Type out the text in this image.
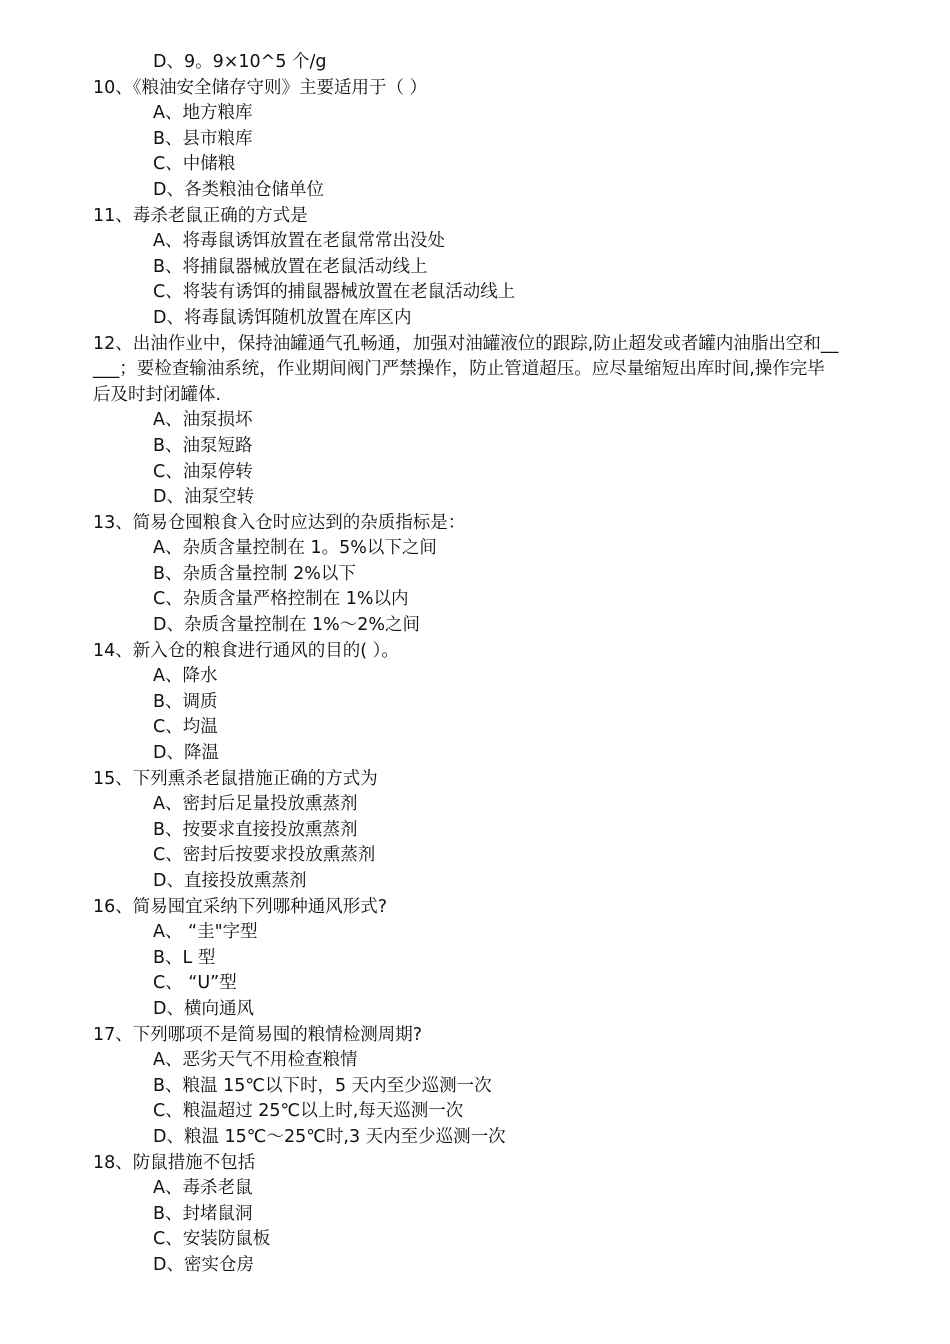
D、9。9×10^5 个/g
10、《粮油安全储存守则》主要适用于（ ）
A、地方粮库
B、县市粮库
C、中储粮
D、各类粮油仓储单位
11、毒杀老鼠正确的方式是
A、将毒鼠诱饵放置在老鼠常常出没处
B、将捕鼠器械放置在老鼠活动线上
C、将装有诱饵的捕鼠器械放置在老鼠活动线上
D、将毒鼠诱饵随机放置在库区内
12、出油作业中，保持油罐通气孔畅通，加强对油罐液位的跟踪,防止超发或者罐内油脂出空和__
___；要检查输油系统，作业期间阀门严禁操作，防止管道超压。应尽量缩短出库时间,操作完毕
后及时封闭罐体.
A、油泵损坏
B、油泵短路
C、油泵停转
D、油泵空转
13、简易仓囤粮食入仓时应达到的杂质指标是：
A、杂质含量控制在 1。5%以下之间
B、杂质含量控制 2%以下
C、杂质含量严格控制在 1%以内
D、杂质含量控制在 1%～2%之间
14、新入仓的粮食进行通风的目的( ）。
A、降水
B、调质
C、均温
D、降温
15、下列熏杀老鼠措施正确的方式为
A、密封后足量投放熏蒸剂
B、按要求直接投放熏蒸剂
C、密封后按要求投放熏蒸剂
D、直接投放熏蒸剂
16、简易囤宜采纳下列哪种通风形式?
A、 “圭"字型
B、L 型
C、 “U”型
D、横向通风
17、下列哪项不是简易囤的粮情检测周期?
A、恶劣天气不用检查粮情
B、粮温 15℃以下时，5 天内至少巡测一次
C、粮温超过 25℃以上时,每天巡测一次
D、粮温 15℃～25℃时,3 天内至少巡测一次
18、防鼠措施不包括
A、毒杀老鼠
B、封堵鼠洞
C、安装防鼠板
D、密实仓房
